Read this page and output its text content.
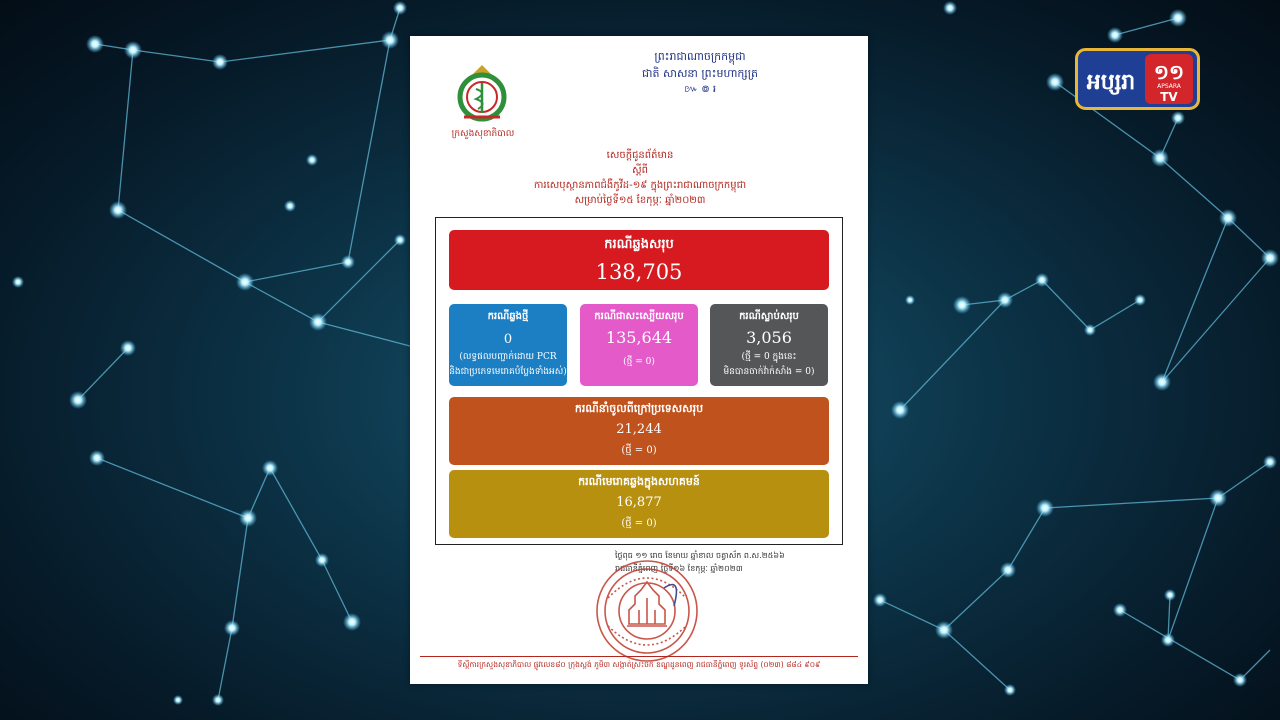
ព្រះរាជាណាចក្រកម្ពុជា
ជាតិ សាសនា ព្រះមហាក្សត្រ
៚ ៙ ៛
ក្រសួងសុខាភិបាល
សេចក្ដីជូនព័ត៌មាន
ស្ដីពី
ការសេបុស្ថានភាពជំងឺកូវីដ-១៩ ក្នុងព្រះរាជាណាចក្រកម្ពុជា
សម្រាប់ថ្ងៃទី១៥ ខែកុម្ភៈ ឆ្នាំ២០២៣
ករណីឆ្លងសរុប
138,705
ករណីឆ្លងថ្មី
0
(លទ្ធផលបញ្ជាក់ដោយ PCR
និងជាប្រភេទមេរោគបំប្លែងទាំងអស់)
ករណីជាសះស្បើយសរុប
135,644
(ថ្មី = 0)
ករណីស្លាប់សរុប
3,056
(ថ្មី = 0 ក្នុងនេះ
មិនបានចាក់វ៉ាក់សាំង = 0)
ករណីនាំចូលពីក្រៅប្រទេសសរុប
21,244
(ថ្មី = 0)
ករណីមេរោគឆ្លងក្នុងសហគមន៍
16,877
(ថ្មី = 0)
ថ្ងៃពុធ ១១ រោច ខែមាឃ ឆ្នាំខាល ចត្វាស័ក ព.ស.២៥៦៦
រាជធានីភ្នំពេញ ថ្ងៃទី១៦ ខែកុម្ភៈ ឆ្នាំ២០២៣
ទីស្ដីការក្រសួងសុខាភិបាល ផ្លូវលេខ៨០ ក្រុងស្ដង់ ភូមិ៣ សង្កាត់ស្រះចក ខណ្ឌដូនពេញ រាជធានីភ្នំពេញ ទូរស័ព្ទ (០២៣) ៨៨៤ ៩០៩
អប្សរា ១១
APSARA
TV
